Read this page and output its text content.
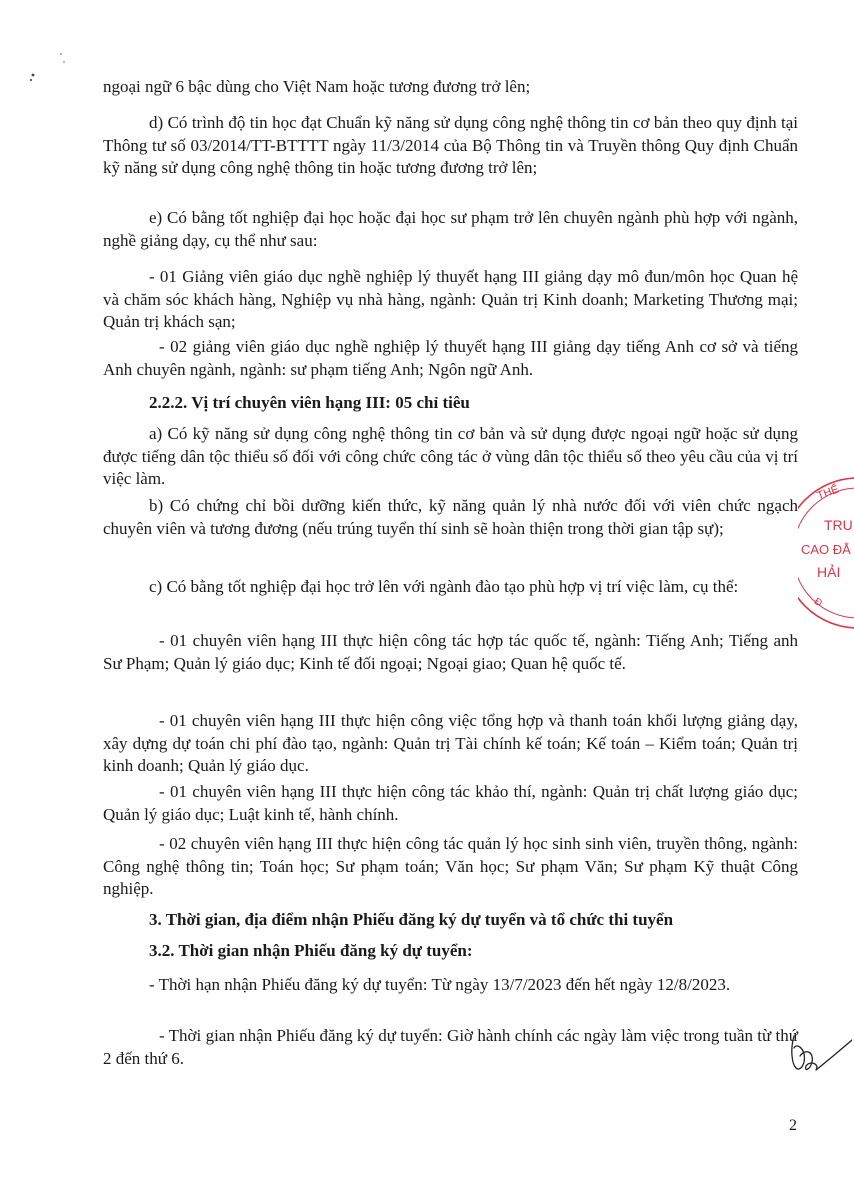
ngoại ngữ 6 bậc dùng cho Việt Nam hoặc tương đương trở lên;

d) Có trình độ tin học đạt Chuẩn kỹ năng sử dụng công nghệ thông tin cơ bản theo quy định tại Thông tư số 03/2014/TT-BTTTT ngày 11/3/2014 của Bộ Thông tin và Truyền thông Quy định Chuẩn kỹ năng sử dụng công nghệ thông tin hoặc tương đương trở lên;

e) Có bằng tốt nghiệp đại học hoặc đại học sư phạm trở lên chuyên ngành phù hợp với ngành, nghề giảng dạy, cụ thể như sau:

- 01 Giảng viên giáo dục nghề nghiệp lý thuyết hạng III giảng dạy mô đun/môn học Quan hệ và chăm sóc khách hàng, Nghiệp vụ nhà hàng, ngành: Quản trị Kinh doanh; Marketing Thương mại; Quản trị khách sạn;

- 02 giảng viên giáo dục nghề nghiệp lý thuyết hạng III giảng dạy tiếng Anh cơ sở và tiếng Anh chuyên ngành, ngành: sư phạm tiếng Anh; Ngôn ngữ Anh.

2.2.2. Vị trí chuyên viên hạng III: 05 chỉ tiêu

a) Có kỹ năng sử dụng công nghệ thông tin cơ bản và sử dụng được ngoại ngữ hoặc sử dụng được tiếng dân tộc thiểu số đối với công chức công tác ở vùng dân tộc thiểu số theo yêu cầu của vị trí việc làm.

b) Có chứng chỉ bồi dưỡng kiến thức, kỹ năng quản lý nhà nước đối với viên chức ngạch chuyên viên và tương đương (nếu trúng tuyển thí sinh sẽ hoàn thiện trong thời gian tập sự);

c) Có bằng tốt nghiệp đại học trở lên với ngành đào tạo phù hợp vị trí việc làm, cụ thể:

- 01 chuyên viên hạng III thực hiện công tác hợp tác quốc tế, ngành: Tiếng Anh; Tiếng anh Sư Phạm; Quản lý giáo dục; Kinh tế đối ngoại; Ngoại giao; Quan hệ quốc tế.

- 01 chuyên viên hạng III thực hiện công việc tổng hợp và thanh toán khối lượng giảng dạy, xây dựng dự toán chi phí đào tạo, ngành: Quản trị Tài chính kế toán; Kế toán – Kiểm toán; Quản trị kinh doanh; Quản lý giáo dục.

- 01 chuyên viên hạng III thực hiện công tác khảo thí, ngành: Quản trị chất lượng giáo dục; Quản lý giáo dục; Luật kinh tế, hành chính.

- 02 chuyên viên hạng III thực hiện công tác quản lý học sinh sinh viên, truyền thông, ngành: Công nghệ thông tin; Toán học; Sư phạm toán; Văn học; Sư phạm Văn; Sư phạm Kỹ thuật Công nghiệp.

3. Thời gian, địa điểm nhận Phiếu đăng ký dự tuyển và tổ chức thi tuyển
3.2. Thời gian nhận Phiếu đăng ký dự tuyển:

- Thời hạn nhận Phiếu đăng ký dự tuyển: Từ ngày 13/7/2023 đến hết ngày 12/8/2023.

- Thời gian nhận Phiếu đăng ký dự tuyển: Giờ hành chính các ngày làm việc trong tuần từ thứ 2 đến thứ 6.

THỂ
TRU
CAO ĐẲ
HẢI
Đ
2
